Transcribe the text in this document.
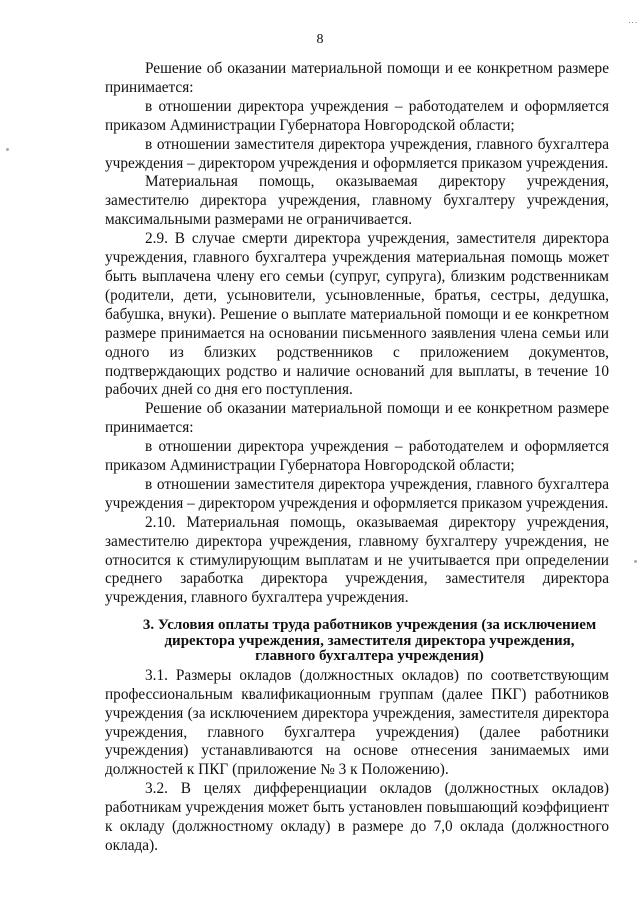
⋮
8

Решение об оказании материальной помощи и ее конкретном размере принимается:

в отношении директора учреждения – работодателем и оформляется приказом Администрации Губернатора Новгородской области;

в отношении заместителя директора учреждения, главного бухгалтера учреждения – директором учреждения и оформляется приказом учреждения.

Материальная помощь, оказываемая директору учреждения, заместителю директора учреждения, главному бухгалтеру учреждения, максимальными размерами не ограничивается.

2.9. В случае смерти директора учреждения, заместителя директора учреждения, главного бухгалтера учреждения материальная помощь может быть выплачена члену его семьи (супруг, супруга), близким родственникам (родители, дети, усыновители, усыновленные, братья, сестры, дедушка, бабушка, внуки). Решение о выплате материальной помощи и ее конкретном размере принимается на основании письменного заявления члена семьи или одного из близких родственников с приложением документов, подтверждающих родство и наличие оснований для выплаты, в течение 10 рабочих дней со дня его поступления.

Решение об оказании материальной помощи и ее конкретном размере принимается:

в отношении директора учреждения – работодателем и оформляется приказом Администрации Губернатора Новгородской области;

в отношении заместителя директора учреждения, главного бухгалтера учреждения – директором учреждения и оформляется приказом учреждения.

2.10. Материальная помощь, оказываемая директору учреждения, заместителю директора учреждения, главному бухгалтеру учреждения, не относится к стимулирующим выплатам и не учитывается при определении среднего заработка директора учреждения, заместителя директора учреждения, главного бухгалтера учреждения.

3. Условия оплаты труда работников учреждения (за исключением директора учреждения, заместителя директора учреждения, главного бухгалтера учреждения)

3.1. Размеры окладов (должностных окладов) по соответствующим профессиональным квалификационным группам (далее ПКГ) работников учреждения (за исключением директора учреждения, заместителя директора учреждения, главного бухгалтера учреждения) (далее работники учреждения) устанавливаются на основе отнесения занимаемых ими должностей к ПКГ (приложение № 3 к Положению).

3.2. В целях дифференциации окладов (должностных окладов) работникам учреждения может быть установлен повышающий коэффициент к окладу (должностному окладу) в размере до 7,0 оклада (должностного оклада).
